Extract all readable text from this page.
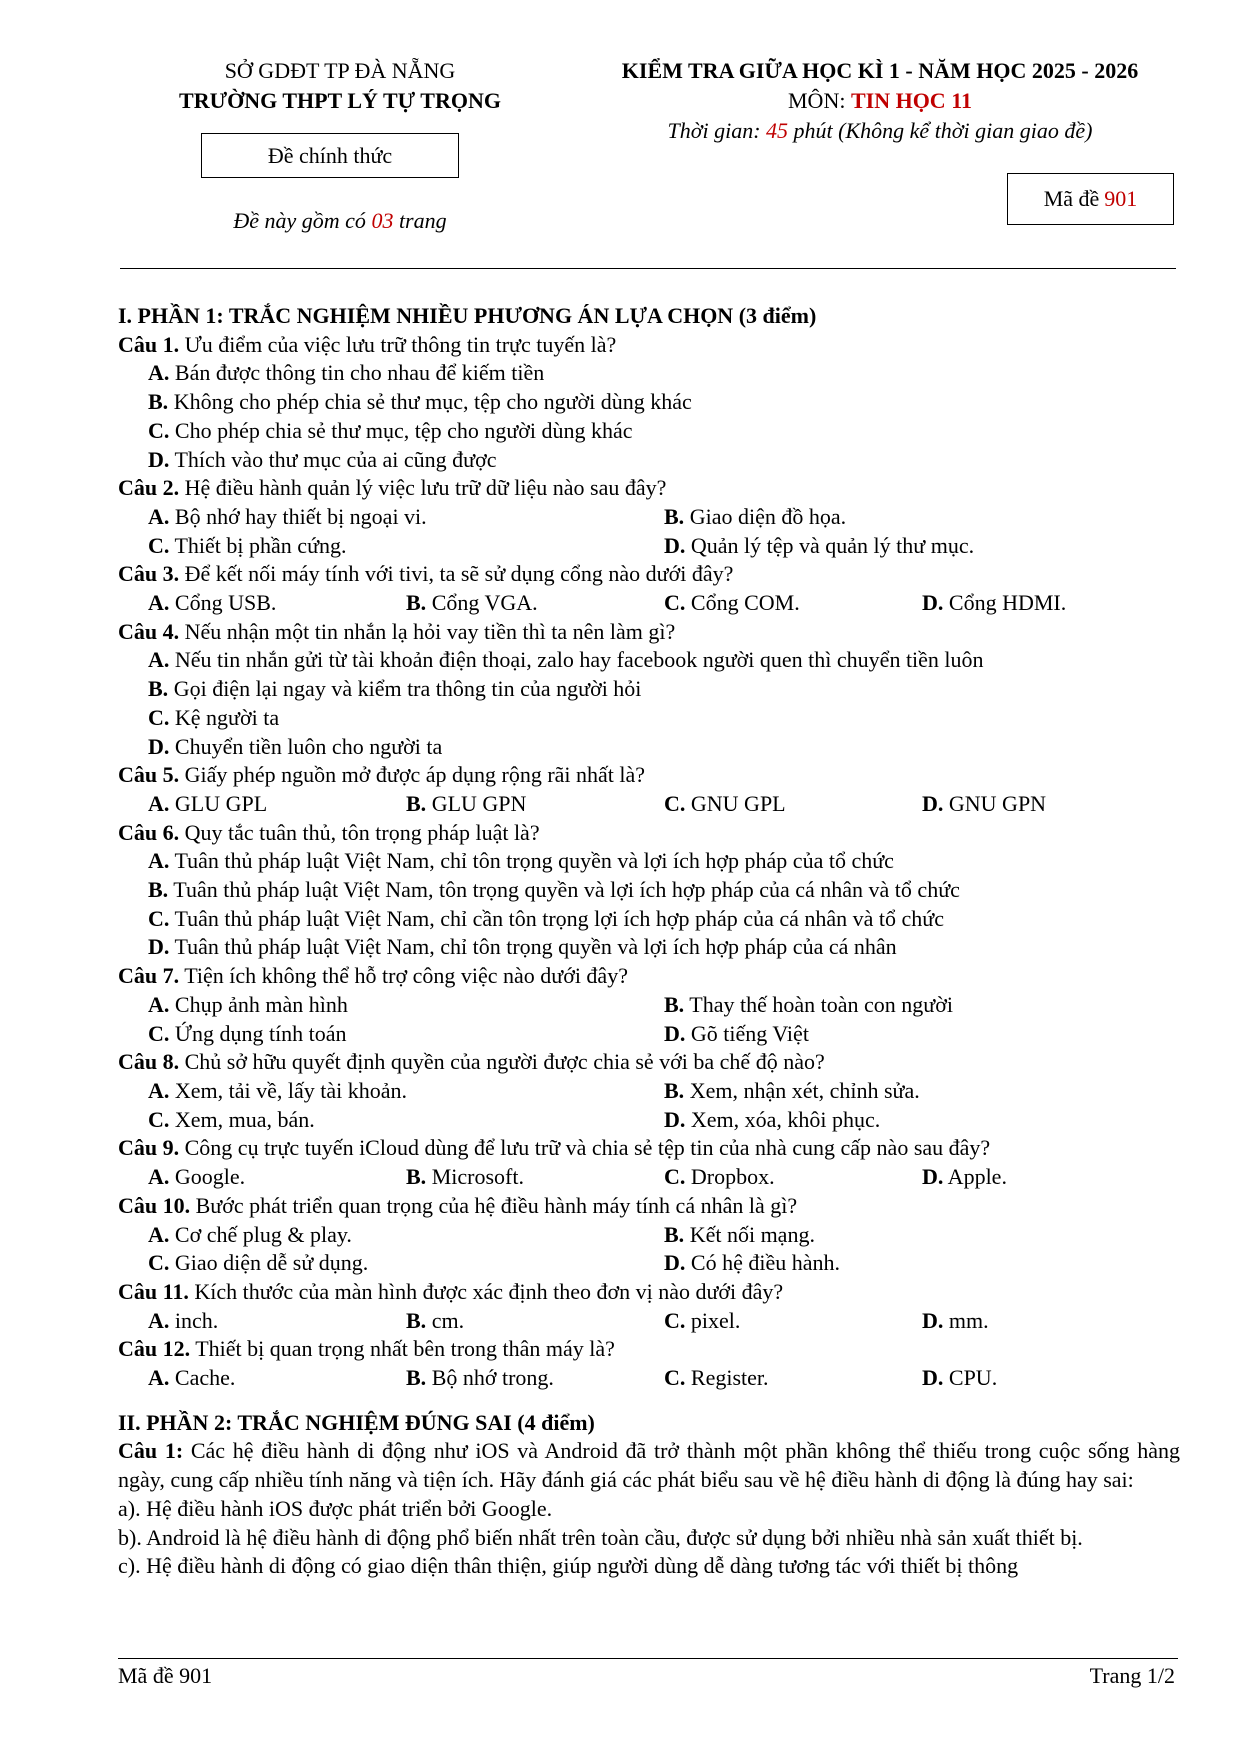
SỞ GDĐT TP ĐÀ NẴNG
TRƯỜNG THPT LÝ TỰ TRỌNG
Đề chính thức
Đề này gồm có 03 trang
KIỂM TRA GIỮA HỌC KÌ 1 - NĂM HỌC 2025 - 2026
MÔN: TIN HỌC 11
Thời gian: 45 phút (Không kể thời gian giao đề)
Mã đề 901
I. PHẦN 1: TRẮC NGHIỆM NHIỀU PHƯƠNG ÁN LỰA CHỌN (3 điểm)
Câu 1. Ưu điểm của việc lưu trữ thông tin trực tuyến là?
A. Bán được thông tin cho nhau để kiếm tiền
B. Không cho phép chia sẻ thư mục, tệp cho người dùng khác
C. Cho phép chia sẻ thư mục, tệp cho người dùng khác
D. Thích vào thư mục của ai cũng được
Câu 2. Hệ điều hành quản lý việc lưu trữ dữ liệu nào sau đây?
A. Bộ nhớ hay thiết bị ngoại vi.	B. Giao diện đồ họa.
C. Thiết bị phần cứng.	D. Quản lý tệp và quản lý thư mục.
Câu 3. Để kết nối máy tính với tivi, ta sẽ sử dụng cổng nào dưới đây?
A. Cổng USB.	B. Cổng VGA.	C. Cổng COM.	D. Cổng HDMI.
Câu 4. Nếu nhận một tin nhắn lạ hỏi vay tiền thì ta nên làm gì?
A. Nếu tin nhắn gửi từ tài khoản điện thoại, zalo hay facebook người quen thì chuyển tiền luôn
B. Gọi điện lại ngay và kiểm tra thông tin của người hỏi
C. Kệ người ta
D. Chuyển tiền luôn cho người ta
Câu 5. Giấy phép nguồn mở được áp dụng rộng rãi nhất là?
A. GLU GPL	B. GLU GPN	C. GNU GPL	D. GNU GPN
Câu 6. Quy tắc tuân thủ, tôn trọng pháp luật là?
A. Tuân thủ pháp luật Việt Nam, chỉ tôn trọng quyền và lợi ích hợp pháp của tổ chức
B. Tuân thủ pháp luật Việt Nam, tôn trọng quyền và lợi ích hợp pháp của cá nhân và tổ chức
C. Tuân thủ pháp luật Việt Nam, chỉ cần tôn trọng lợi ích hợp pháp của cá nhân và tổ chức
D. Tuân thủ pháp luật Việt Nam, chỉ tôn trọng quyền và lợi ích hợp pháp của cá nhân
Câu 7. Tiện ích không thể hỗ trợ công việc nào dưới đây?
A. Chụp ảnh màn hình	B. Thay thế hoàn toàn con người
C. Ứng dụng tính toán	D. Gõ tiếng Việt
Câu 8. Chủ sở hữu quyết định quyền của người được chia sẻ với ba chế độ nào?
A. Xem, tải về, lấy tài khoản.	B. Xem, nhận xét, chỉnh sửa.
C. Xem, mua, bán.	D. Xem, xóa, khôi phục.
Câu 9. Công cụ trực tuyến iCloud dùng để lưu trữ và chia sẻ tệp tin của nhà cung cấp nào sau đây?
A. Google.	B. Microsoft.	C. Dropbox.	D. Apple.
Câu 10. Bước phát triển quan trọng của hệ điều hành máy tính cá nhân là gì?
A. Cơ chế plug & play.	B. Kết nối mạng.
C. Giao diện dễ sử dụng.	D. Có hệ điều hành.
Câu 11. Kích thước của màn hình được xác định theo đơn vị nào dưới đây?
A. inch.	B. cm.	C. pixel.	D. mm.
Câu 12. Thiết bị quan trọng nhất bên trong thân máy là?
A. Cache.	B. Bộ nhớ trong.	C. Register.	D. CPU.
II. PHẦN 2: TRẮC NGHIỆM ĐÚNG SAI (4 điểm)
Câu 1: Các hệ điều hành di động như iOS và Android đã trở thành một phần không thể thiếu trong cuộc sống hàng ngày, cung cấp nhiều tính năng và tiện ích. Hãy đánh giá các phát biểu sau về hệ điều hành di động là đúng hay sai:
a). Hệ điều hành iOS được phát triển bởi Google.
b). Android là hệ điều hành di động phổ biến nhất trên toàn cầu, được sử dụng bởi nhiều nhà sản xuất thiết bị.
c). Hệ điều hành di động có giao diện thân thiện, giúp người dùng dễ dàng tương tác với thiết bị thông
Mã đề 901	Trang 1/2
